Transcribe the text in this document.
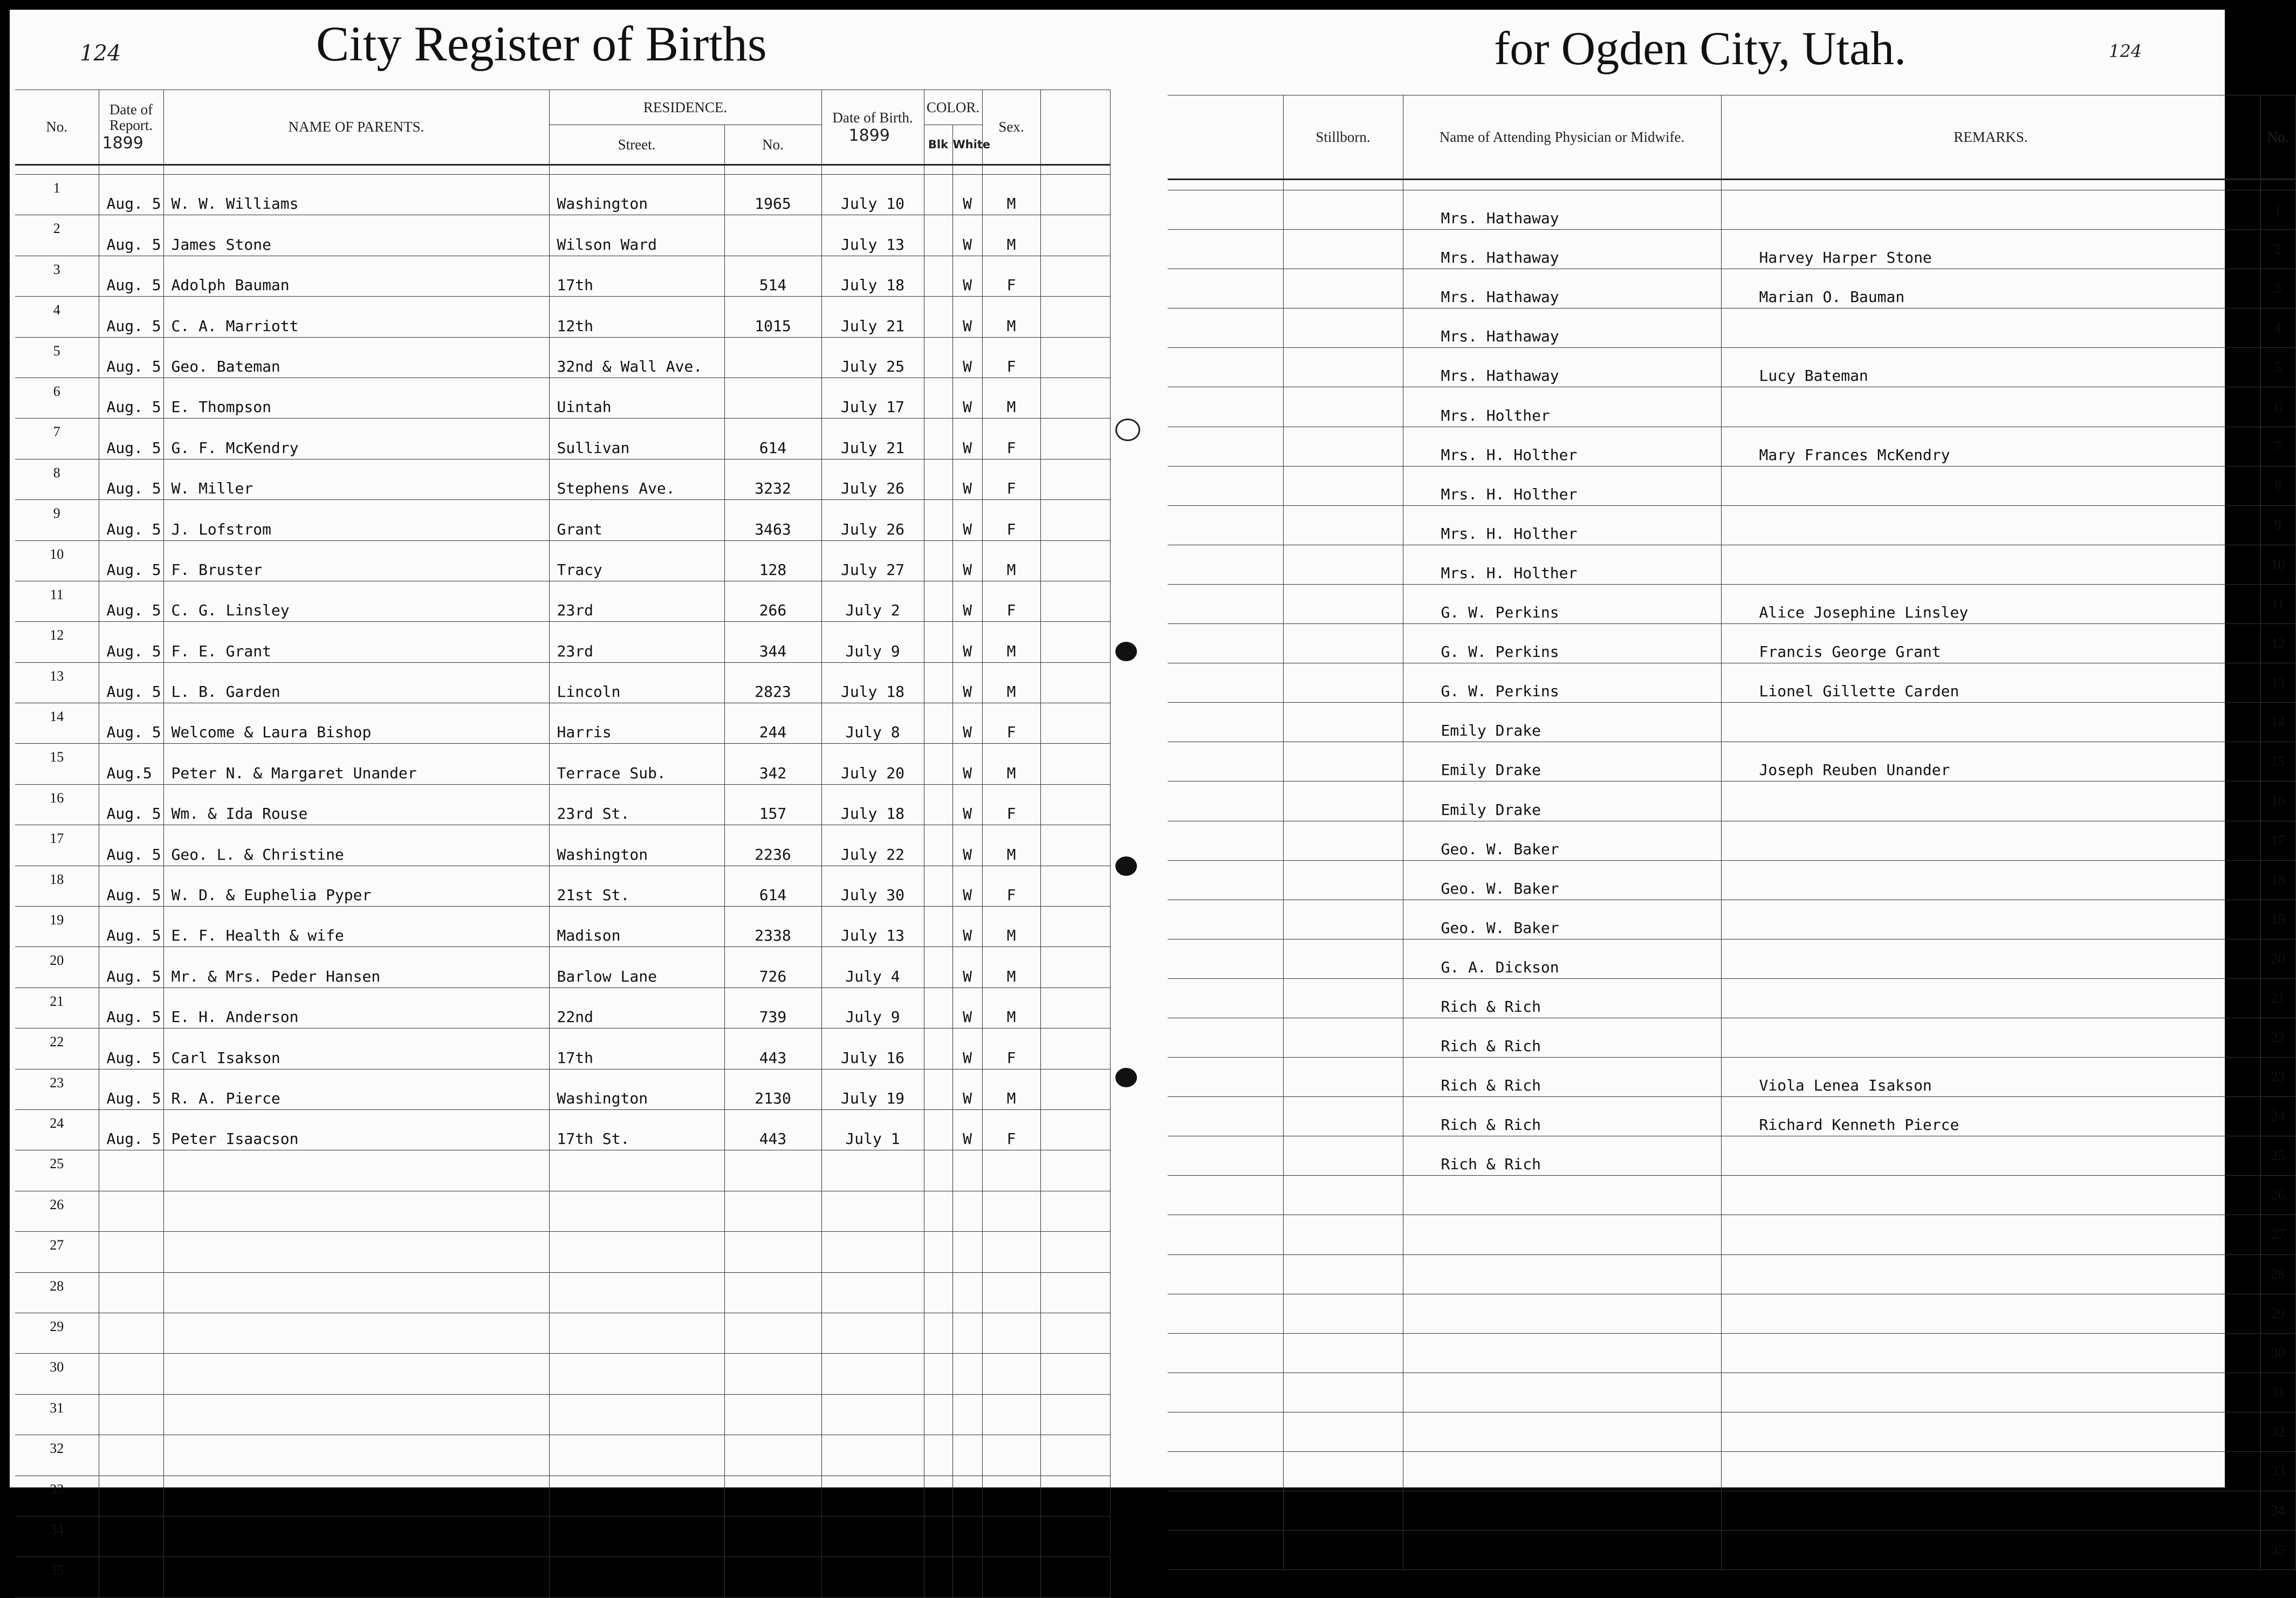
124	City Register of Births
No.	Date of Report.
1899	NAME OF PARENTS.	RESIDENCE.		Date of Birth.
1899	COLOR.		Sex.	
			Street.	No.		Blk	White		

1	Aug. 5	W. W. Williams	Washington	1965	July 10		W	M	
2	Aug. 5	James Stone	Wilson Ward		July 13		W	M	
3	Aug. 5	Adolph Bauman	17th	514	July 18		W	F	
4	Aug. 5	C. A. Marriott	12th	1015	July 21		W	M	
5	Aug. 5	Geo. Bateman	32nd & Wall Ave.		July 25		W	F	
6	Aug. 5	E. Thompson	Uintah		July 17		W	M	
7	Aug. 5	G. F. McKendry	Sullivan	614	July 21		W	F	
8	Aug. 5	W. Miller	Stephens Ave.	3232	July 26		W	F	
9	Aug. 5	J. Lofstrom	Grant	3463	July 26		W	F	
10	Aug. 5	F. Bruster	Tracy	128	July 27		W	M	
11	Aug. 5	C. G. Linsley	23rd	266	July 2		W	F	
12	Aug. 5	F. E. Grant	23rd	344	July 9		W	M	
13	Aug. 5	L. B. Garden	Lincoln	2823	July 18		W	M	
14	Aug. 5	Welcome & Laura Bishop	Harris	244	July 8		W	F	
15	Aug.5	Peter N. & Margaret Unander	Terrace Sub.	342	July 20		W	M	
16	Aug. 5	Wm. & Ida Rouse	23rd St.	157	July 18		W	F	
17	Aug. 5	Geo. L. & Christine	Washington	2236	July 22		W	M	
18	Aug. 5	W. D. & Euphelia Pyper	21st St.	614	July 30		W	F	
19	Aug. 5	E. F. Health & wife	Madison	2338	July 13		W	M	
20	Aug. 5	Mr. & Mrs. Peder Hansen	Barlow Lane	726	July 4		W	M	
21	Aug. 5	E. H. Anderson	22nd	739	July 9		W	M	
22	Aug. 5	Carl Isakson	17th	443	July 16		W	F	
23	Aug. 5	R. A. Pierce	Washington	2130	July 19		W	M	
24	Aug. 5	Peter Isaacson	17th St.	443	July 1		W	F	
25									
26									
27									
28									
29									
30									
31									
32									
33									
34									
35									
for Ogden City, Utah.	124
	Stillborn.	Name of Attending Physician or Midwife.	REMARKS.	No.

		Mrs. Hathaway		1
		Mrs. Hathaway	Harvey Harper Stone	2
		Mrs. Hathaway	Marian O. Bauman	3
		Mrs. Hathaway		4
		Mrs. Hathaway	Lucy Bateman	5
		Mrs. Holther		6
		Mrs. H. Holther	Mary Frances McKendry	7
		Mrs. H. Holther		8
		Mrs. H. Holther		9
		Mrs. H. Holther		10
		G. W. Perkins	Alice Josephine Linsley	11
		G. W. Perkins	Francis George Grant	12
		G. W. Perkins	Lionel Gillette Carden	13
		Emily Drake		14
		Emily Drake	Joseph Reuben Unander	15
		Emily Drake		16
		Geo. W. Baker		17
		Geo. W. Baker		18
		Geo. W. Baker		19
		G. A. Dickson		20
		Rich & Rich		21
		Rich & Rich		22
		Rich & Rich	Viola Lenea Isakson	23
		Rich & Rich	Richard Kenneth Pierce	24
		Rich & Rich		25
				26
				27
				28
				29
				30
				31
				32
				33
				34
				35
